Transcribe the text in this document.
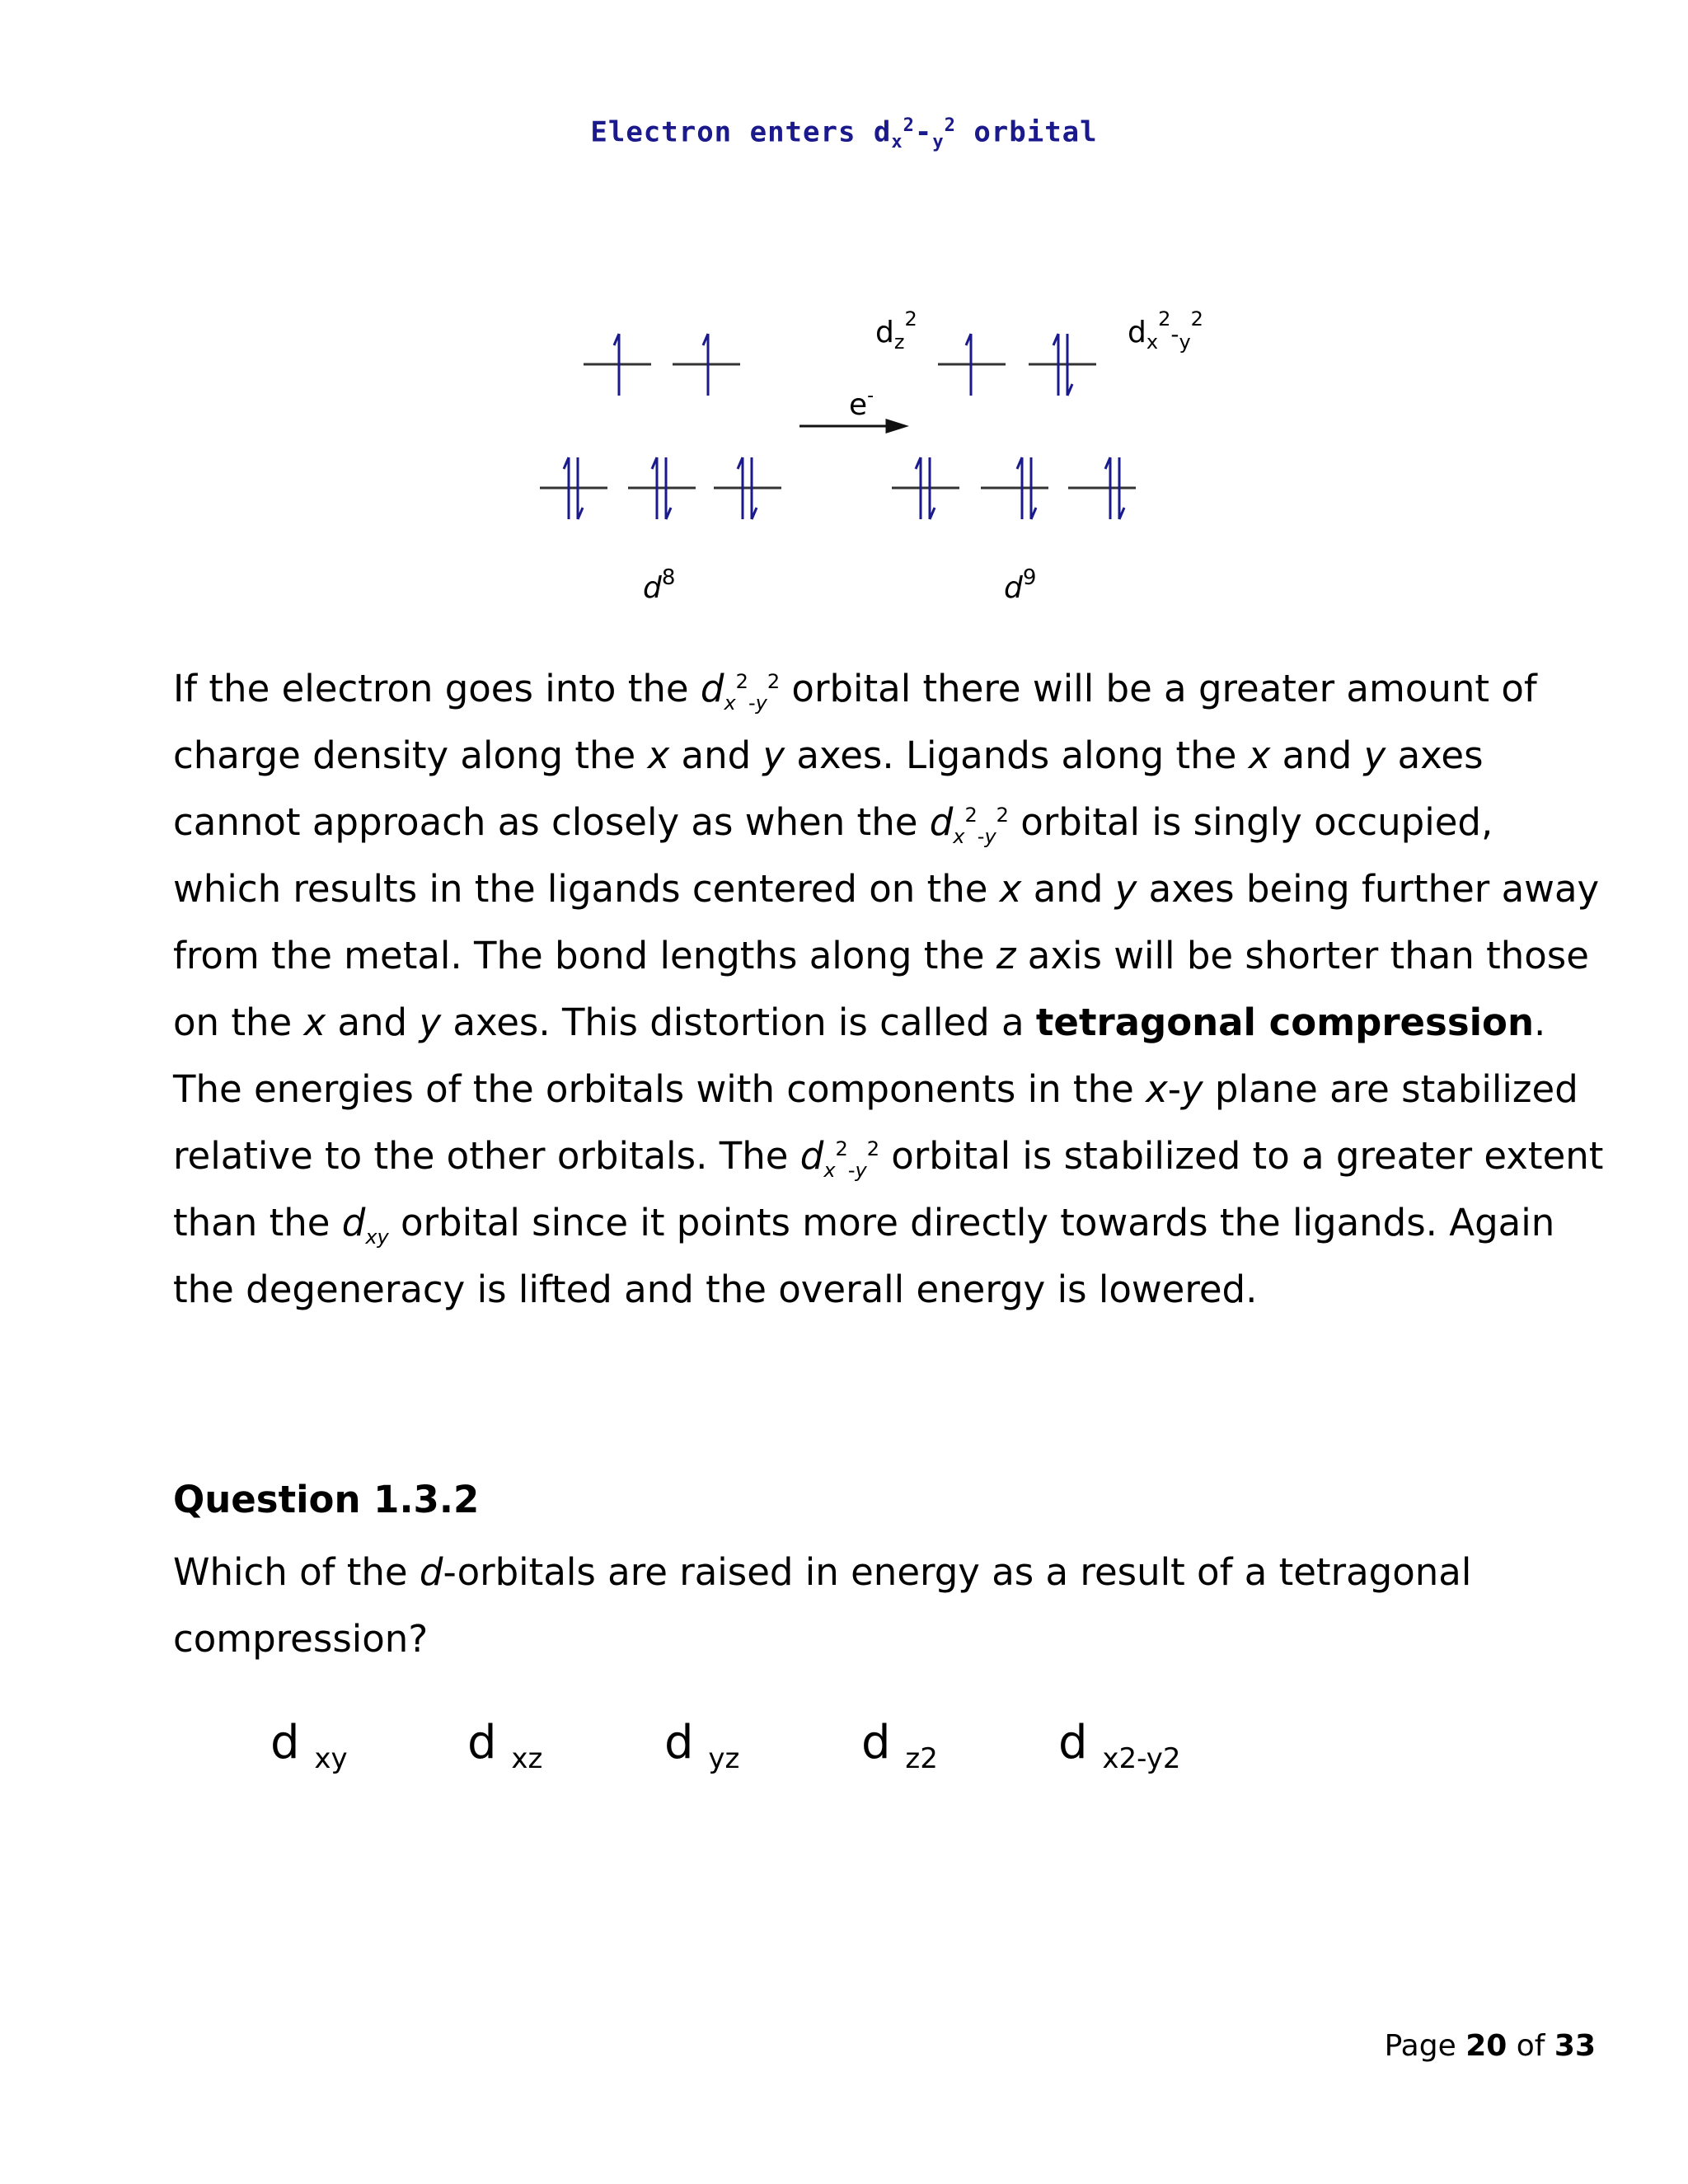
Electron enters $d_x^2-_y^2$ orbital
$d_z^2$	$d_x^2_{-y}^2$
e-
$d^8$	$d^9$

If the electron goes into the $d_x^2_{-y}^2$ orbital there will be a greater amount of charge density along the x and y axes. Ligands along the x and y axes cannot approach as closely as when the $d_x^2_{-y}^2$ orbital is singly occupied, which results in the ligands centered on the x and y axes being further away from the metal. The bond lengths along the z axis will be shorter than those on the x and y axes. This distortion is called a tetragonal compression. The energies of the orbitals with components in the x-y plane are stabilized relative to the other orbitals. The $d_x^2_{-y}^2$ orbital is stabilized to a greater extent than the $d_{xy}$ orbital since it points more directly towards the ligands. Again the degeneracy is lifted and the overall energy is lowered.

Question 1.3.2
Which of the d-orbitals are raised in energy as a result of a tetragonal compression?
d $_{xy}$	d $_{xz}$	d $_{yz}$	d $_{z2}$	d $_{x2-y2}$
Page 20 of 33
